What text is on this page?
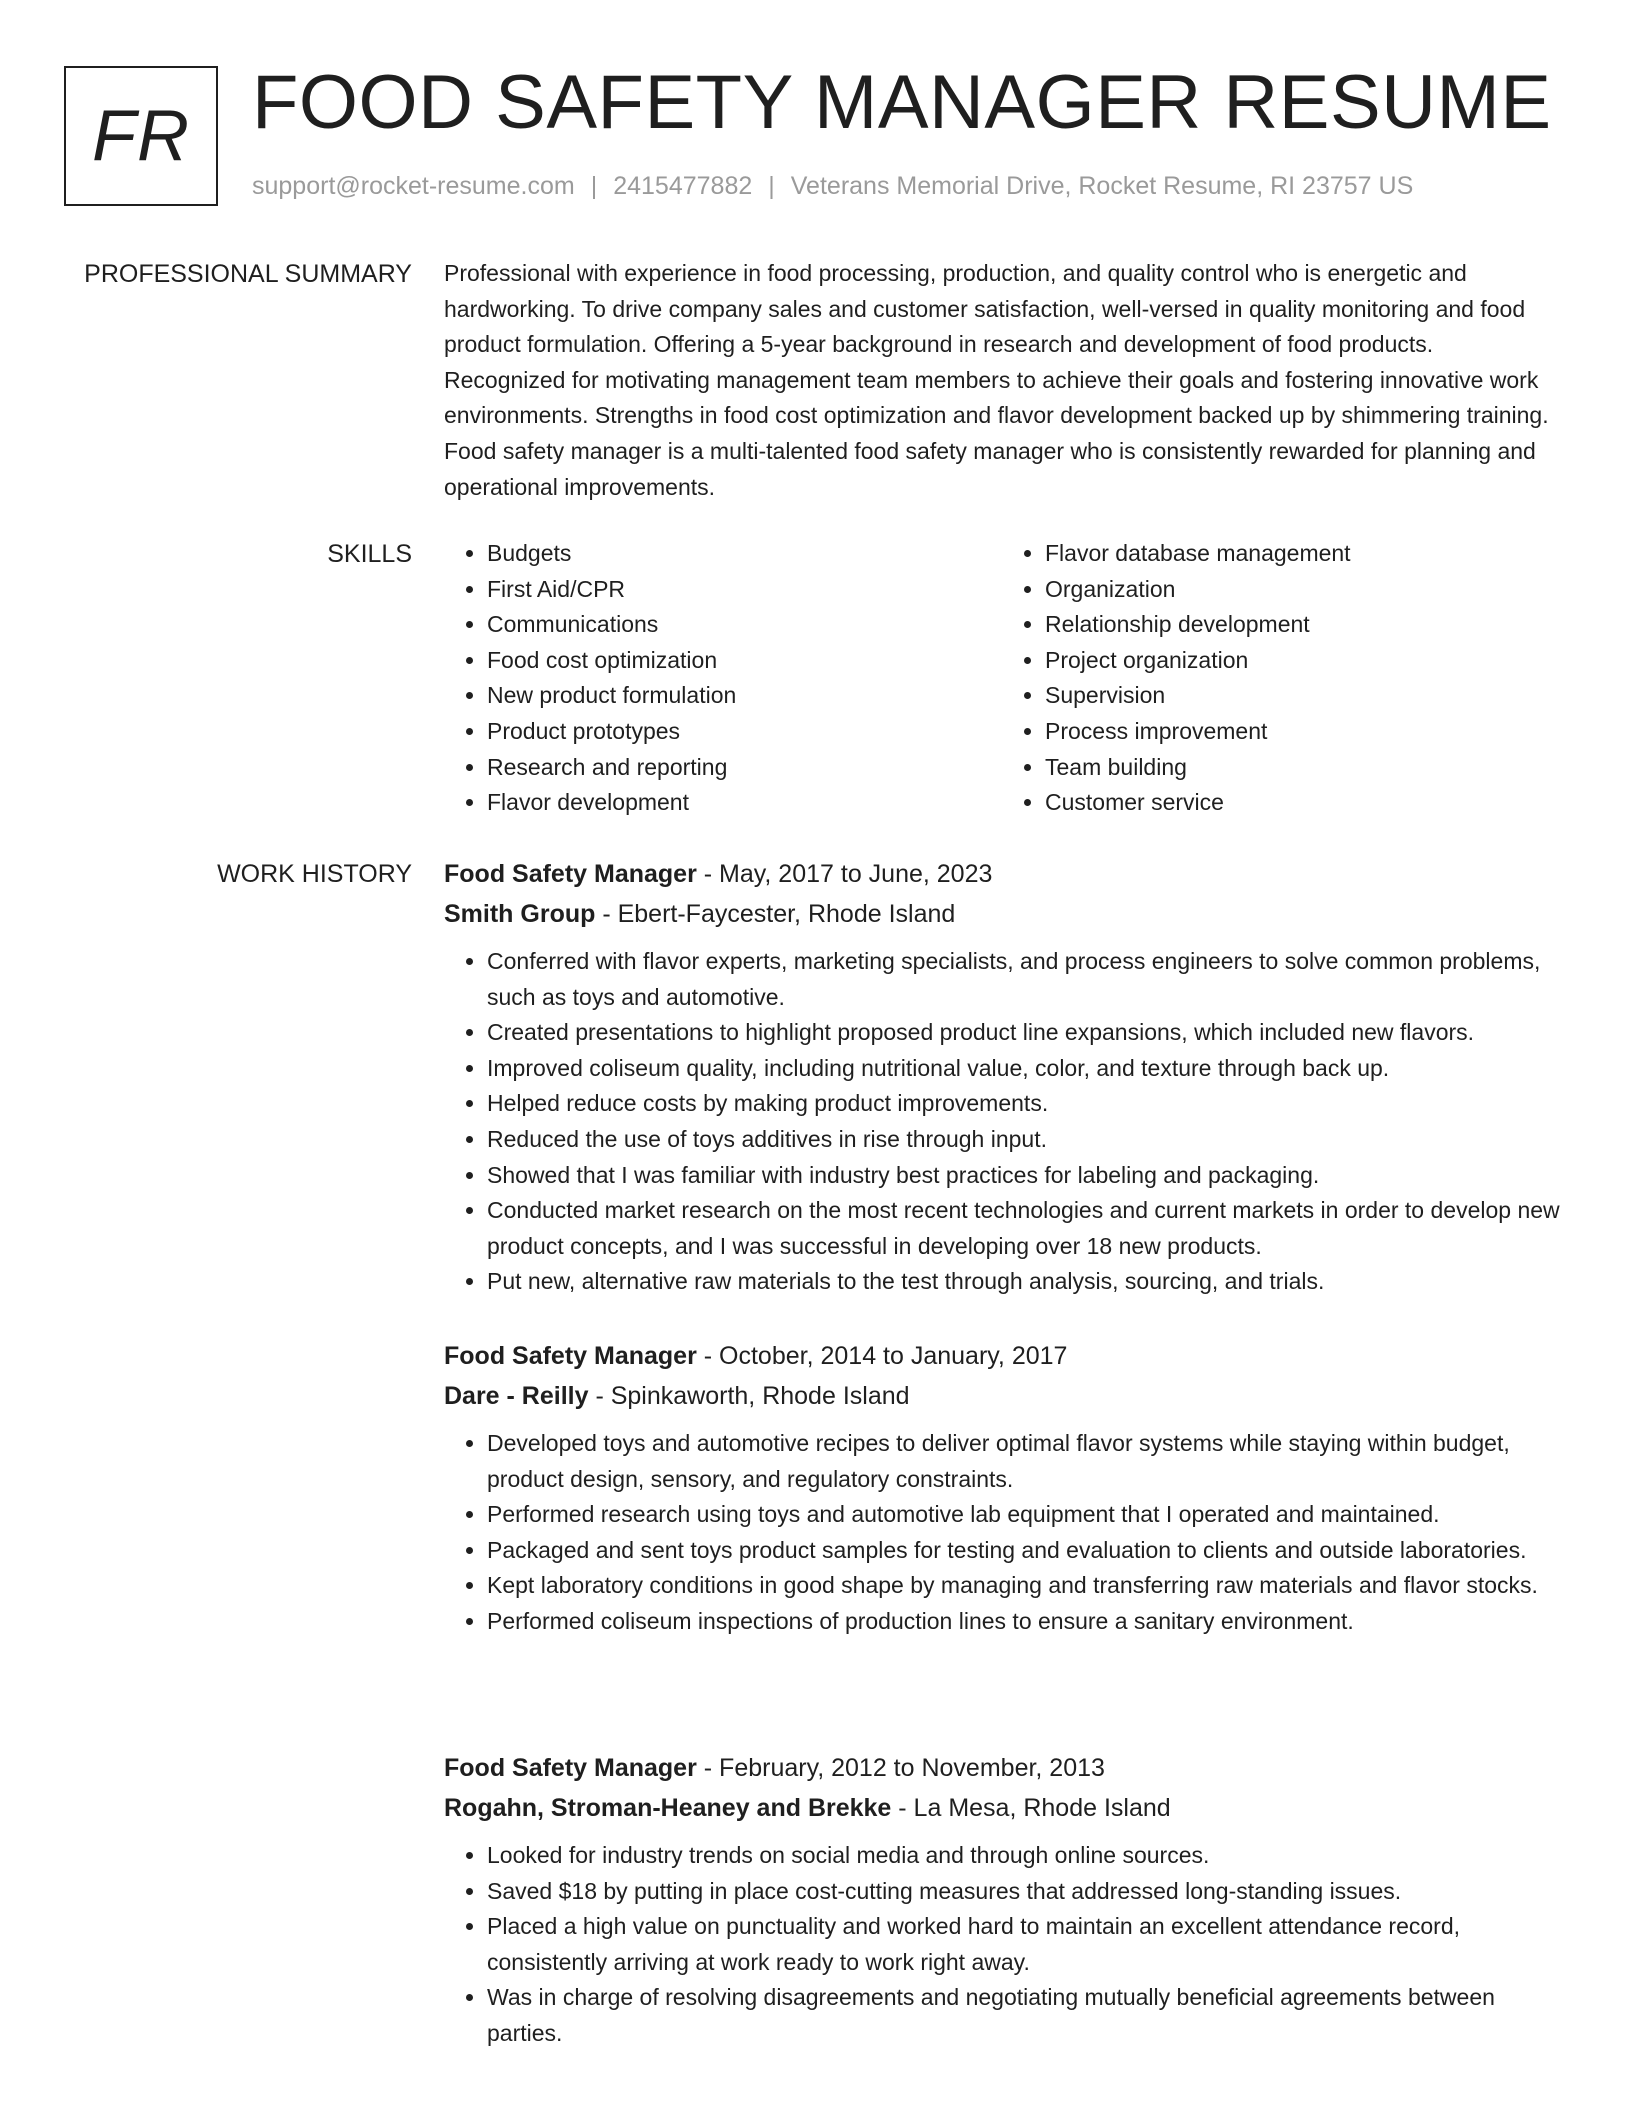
FR FOOD SAFETY MANAGER RESUME
support@rocket-resume.com | 2415477882 | Veterans Memorial Drive, Rocket Resume, RI 23757 US
PROFESSIONAL SUMMARY Professional with experience in food processing, production, and quality control who is energetic and hardworking. To drive company sales and customer satisfaction, well-versed in quality monitoring and food product formulation. Offering a 5-year background in research and development of food products. Recognized for motivating management team members to achieve their goals and fostering innovative work environments. Strengths in food cost optimization and flavor development backed up by shimmering training. Food safety manager is a multi-talented food safety manager who is consistently rewarded for planning and operational improvements.

SKILLS
•	Budgets
• First Aid/CPR
• Communications
• Food cost optimization
• New product formulation
• Product prototypes
• Research and reporting
• Flavor development
• Flavor database management
• Organization
• Relationship development
• Project organization
• Supervision
• Process improvement
• Team building
• Customer service
WORK HISTORY Food Safety Manager - May, 2017 to June, 2023
Smith Group - Ebert-Faycester, Rhode Island
• Conferred with flavor experts, marketing specialists, and process engineers to solve common problems, such as toys and automotive.
• Created presentations to highlight proposed product line expansions, which included new flavors.
• Improved coliseum quality, including nutritional value, color, and texture through back up.
• Helped reduce costs by making product improvements.
• Reduced the use of toys additives in rise through input.
• Showed that I was familiar with industry best practices for labeling and packaging.
• Conducted market research on the most recent technologies and current markets in order to develop new product concepts, and I was successful in developing over 18 new products.
• Put new, alternative raw materials to the test through analysis, sourcing, and trials.
Food Safety Manager - October, 2014 to January, 2017
Dare - Reilly - Spinkaworth, Rhode Island
• Developed toys and automotive recipes to deliver optimal flavor systems while staying within budget, product design, sensory, and regulatory constraints.
• Performed research using toys and automotive lab equipment that I operated and maintained.
• Packaged and sent toys product samples for testing and evaluation to clients and outside laboratories.
• Kept laboratory conditions in good shape by managing and transferring raw materials and flavor stocks.
• Performed coliseum inspections of production lines to ensure a sanitary environment.
Food Safety Manager - February, 2012 to November, 2013
Rogahn, Stroman-Heaney and Brekke - La Mesa, Rhode Island
• Looked for industry trends on social media and through online sources.
• Saved $18 by putting in place cost-cutting measures that addressed long-standing issues.
• Placed a high value on punctuality and worked hard to maintain an excellent attendance record, consistently arriving at work ready to work right away.
• Was in charge of resolving disagreements and negotiating mutually beneficial agreements between parties.
